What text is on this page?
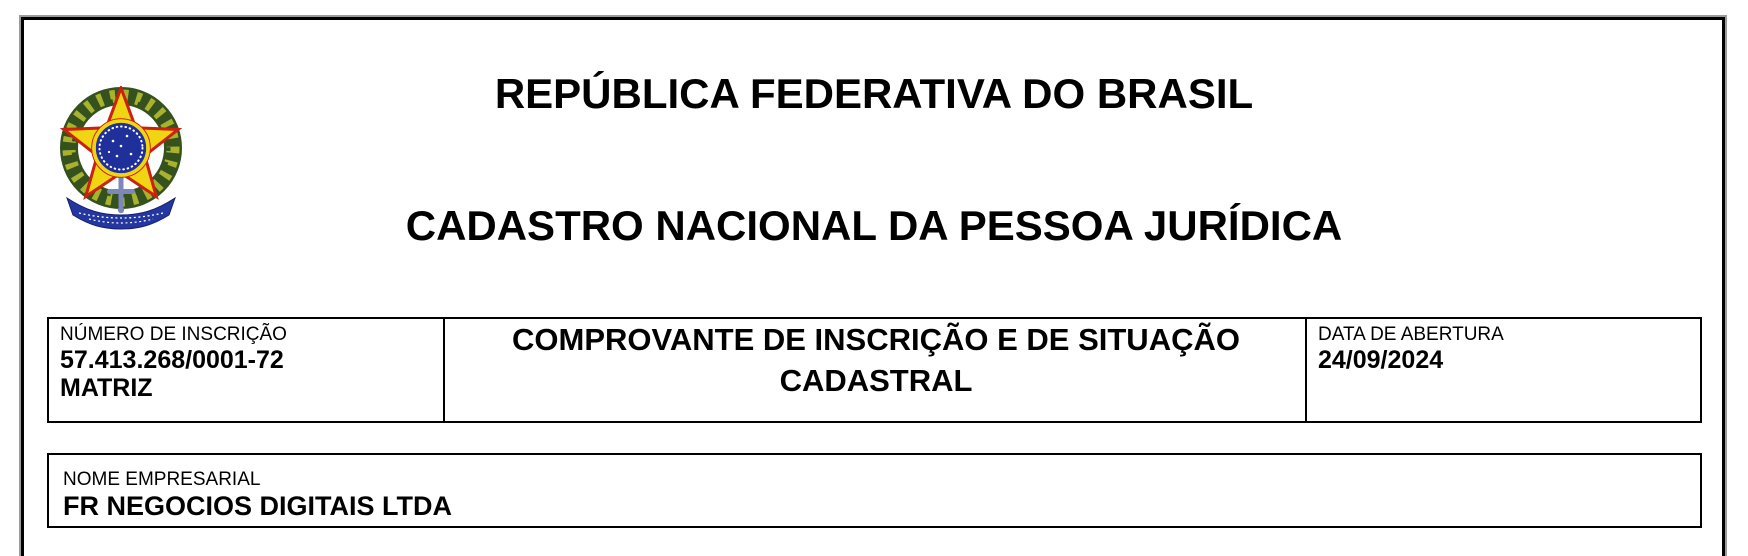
REPÚBLICA FEDERATIVA DO BRASIL
CADASTRO NACIONAL DA PESSOA JURÍDICA
NÚMERO DE INSCRIÇÃO
57.413.268/0001-72
MATRIZ
COMPROVANTE DE INSCRIÇÃO E DE SITUAÇÃO CADASTRAL
DATA DE ABERTURA
24/09/2024
NOME EMPRESARIAL
FR NEGOCIOS DIGITAIS LTDA
